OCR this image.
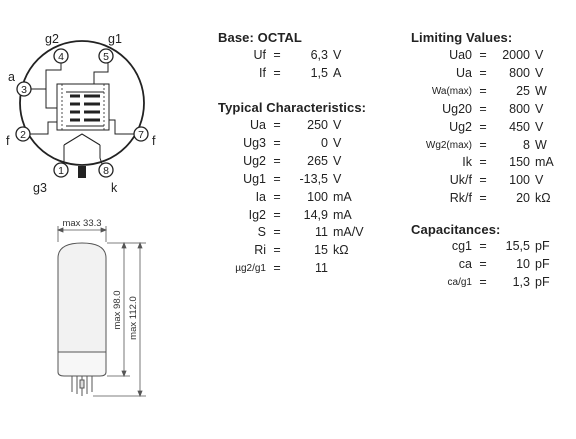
4	5
3
2	7
1	8
g2	g1
a
f	f
g3	k
max 33.3
max 98.0 max 112.0
Base: OCTAL
Uf	=	6,3	V
If	=	1,5	A
Typical Characteristics:
Ua	=	250	V
Ug3	=	0	V
Ug2	=	265	V
Ug1	=	-13,5	V
Ia	=	100	mA
Ig2	=	14,9	mA
S	=	11	mA/V
Ri	=	15	kΩ
µg2/g1	=	11	
Limiting Values:
Ua0	=	2000	V
Ua	=	800	V
Wa(max)	=	25	W
Ug20	=	800	V
Ug2	=	450	V
Wg2(max)	=	8	W
Ik	=	150	mA
Uk/f	=	100	V
Rk/f	=	20	kΩ
Capacitances:
cg1	=	15,5	pF
ca	=	10	pF
ca/g1	=	1,3	pF
